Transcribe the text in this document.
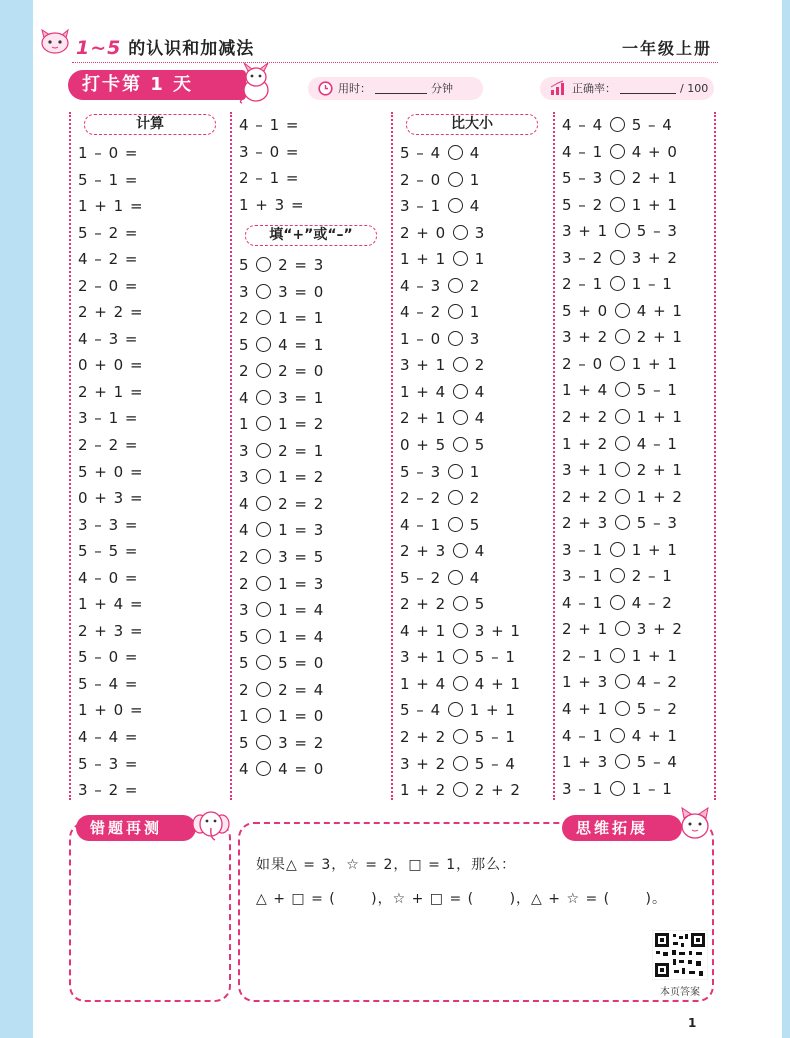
1~5 的认识和加减法	一年级上册
打卡第 1 天	用时：	分钟	正确率：	/ 100
计算
填“+”或“–”
比大小
1 – 0 =
5 – 1 =
1 + 1 =
5 – 2 =
4 – 2 =
2 – 0 =
2 + 2 =
4 – 3 =
0 + 0 =
2 + 1 =
3 – 1 =
2 – 2 =
5 + 0 =
0 + 3 =
3 – 3 =
5 – 5 =
4 – 0 =
1 + 4 =
2 + 3 =
5 – 0 =
5 – 4 =
1 + 0 =
4 – 4 =
5 – 3 =
3 – 2 =
4 – 1 =
3 – 0 =
2 – 1 =
1 + 3 =
5 2 = 3
3 3 = 0
2 1 = 1
5 4 = 1
2 2 = 0
4 3 = 1
1 1 = 2
3 2 = 1
3 1 = 2
4 2 = 2
4 1 = 3
2 3 = 5
2 1 = 3
3 1 = 4
5 1 = 4
5 5 = 0
2 2 = 4
1 1 = 0
5 3 = 2
4 4 = 0
5 – 4 4
2 – 0 1
3 – 1 4
2 + 0 3
1 + 1 1
4 – 3 2
4 – 2 1
1 – 0 3
3 + 1 2
1 + 4 4
2 + 1 4
0 + 5 5
5 – 3 1
2 – 2 2
4 – 1 5
2 + 3 4
5 – 2 4
2 + 2 5
4 + 1 3 + 1
3 + 1 5 – 1
1 + 4 4 + 1
5 – 4 1 + 1
2 + 2 5 – 1
3 + 2 5 – 4
1 + 2 2 + 2
4 – 4 5 – 4
4 – 1 4 + 0
5 – 3 2 + 1
5 – 2 1 + 1
3 + 1 5 – 3
3 – 2 3 + 2
2 – 1 1 – 1
5 + 0 4 + 1
3 + 2 2 + 1
2 – 0 1 + 1
1 + 4 5 – 1
2 + 2 1 + 1
1 + 2 4 – 1
3 + 1 2 + 1
2 + 2 1 + 2
2 + 3 5 – 3
3 – 1 1 + 1
3 – 1 2 – 1
4 – 1 4 – 2
2 + 1 3 + 2
2 – 1 1 + 1
1 + 3 4 – 2
4 + 1 5 – 2
4 – 1 4 + 1
1 + 3 5 – 4
3 – 1 1 – 1
错题再测	思维拓展
如果△ = 3，☆ = 2，□ = 1，那么：
△ + □ = (　　 )，☆ + □ = (　　 )，△ + ☆ = (　　 )。
本页答案
1
